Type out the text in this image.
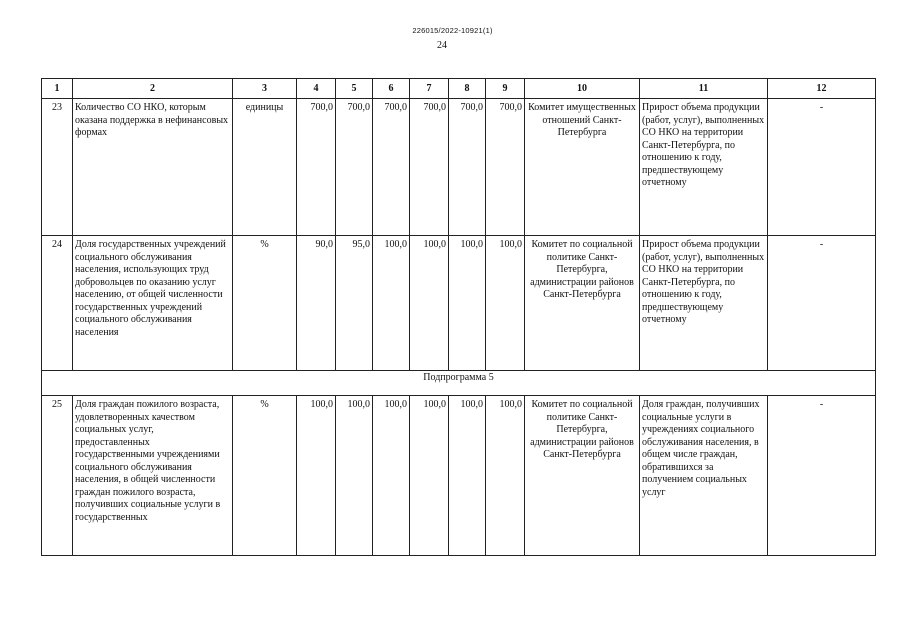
226015/2022-10921(1)
24
1	2	3	4	5	6	7	8	9	10	11	12
23	Количество СО НКО, которым оказана поддержка в нефинансовых формах	единицы	700,0	700,0	700,0	700,0	700,0	700,0	Комитет имущественных отношений Санкт-Петербурга	Прирост объема продукции (работ, услуг), выполненных СО НКО на территории Санкт-Петербурга, по отношению к году, предшествующему отчетному	-
24	Доля государственных учреждений социального обслуживания населения, использующих труд добровольцев по оказанию услуг населению, от общей численности государственных учреждений социального обслуживания населения	%	90,0	95,0	100,0	100,0	100,0	100,0	Комитет по социальной политике Санкт-Петербурга, администрации районов Санкт-Петербурга	Прирост объема продукции (работ, услуг), выполненных СО НКО на территории Санкт-Петербурга, по отношению к году, предшествующему отчетному	-
Подпрограмма 5											
25	Доля граждан пожилого возраста, удовлетворенных качеством социальных услуг, предоставленных государственными учреждениями социального обслуживания населения, в общей численности граждан пожилого возраста, получивших социальные услуги в государственных	%	100,0	100,0	100,0	100,0	100,0	100,0	Комитет по социальной политике Санкт-Петербурга, администрации районов Санкт-Петербурга	Доля граждан, получивших социальные услуги в учреждениях социального обслуживания населения, в общем числе граждан, обратившихся за получением социальных услуг	-
